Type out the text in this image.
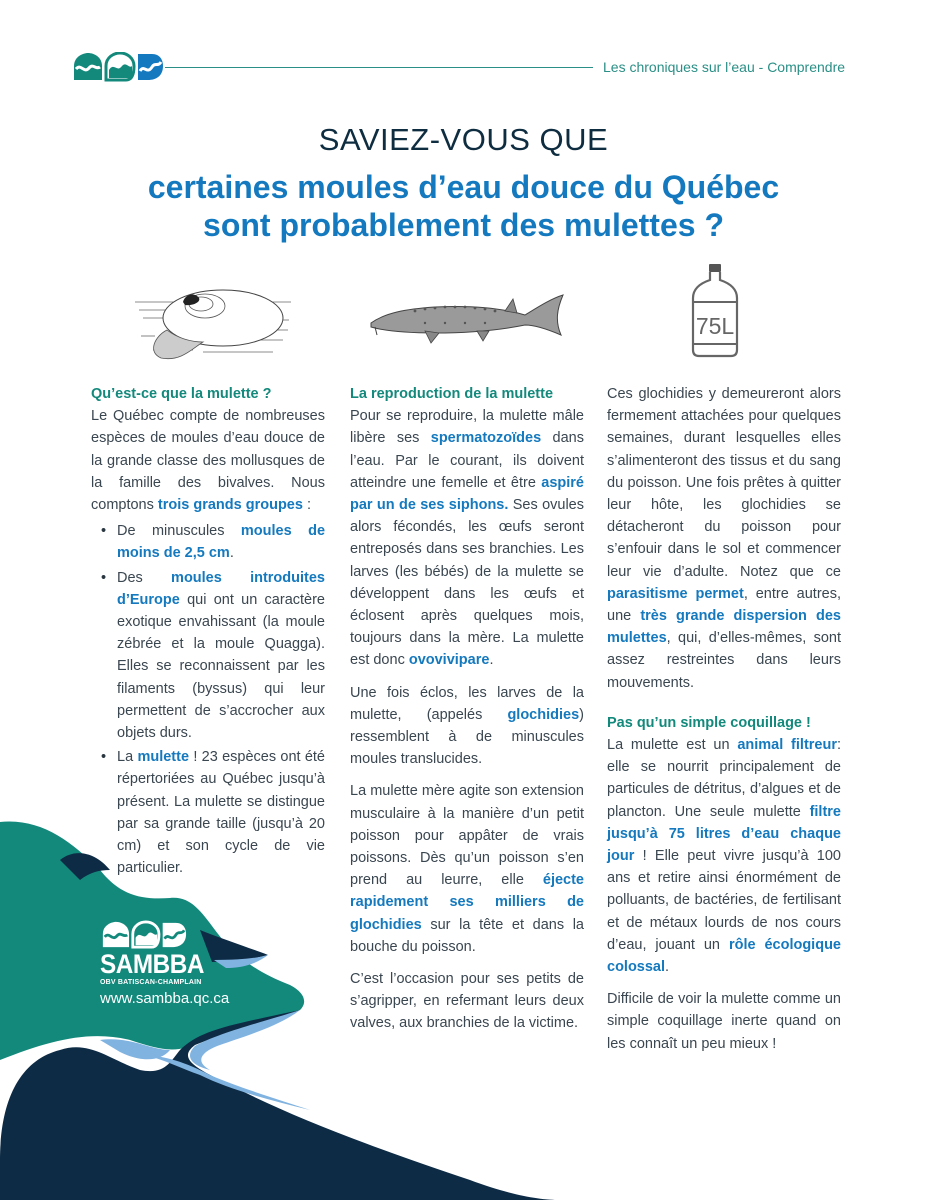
Les chroniques sur l’eau - Comprendre
SAVIEZ-VOUS QUE
certaines moules d’eau douce du Québec
sont probablement des mulettes ?
75L
Qu’est-ce que la mulette ?
Le Québec compte de nombreuses espèces de moules d’eau douce de la grande classe des mollusques de la famille des bivalves. Nous comptons trois grands groupes :
• De minuscules moules de moins de 2,5 cm.
• Des moules introduites d’Europe qui ont un caractère exotique envahissant (la moule zébrée et la moule Quagga). Elles se reconnaissent par les filaments (byssus) qui leur permettent de s’accrocher aux objets durs.
• La mulette ! 23 espèces ont été répertoriées au Québec jusqu’à présent. La mulette se distingue par sa grande taille (jusqu’à 20 cm) et son cycle de vie particulier.
La reproduction de la mulette

Pour se reproduire, la mulette mâle libère ses spermatozoïdes dans l’eau. Par le courant, ils doivent atteindre une femelle et être aspiré par un de ses siphons. Ses ovules alors fécondés, les œufs seront entreposés dans ses branchies. Les larves (les bébés) de la mulette se développent dans les œufs et éclosent après quelques mois, toujours dans la mère. La mulette est donc ovovivipare.

Une fois éclos, les larves de la mulette, (appelés glochidies) ressemblent à de minuscules moules translucides.

La mulette mère agite son extension musculaire à la manière d’un petit poisson pour appâter de vrais poissons. Dès qu’un poisson s’en prend au leurre, elle éjecte rapidement ses milliers de glochidies sur la tête et dans la bouche du poisson.

C’est l’occasion pour ses petits de s’agripper, en refermant leurs deux valves, aux branchies de la victime.

Ces glochidies y demeureront alors fermement attachées pour quelques semaines, durant lesquelles elles s’alimenteront des tissus et du sang du poisson. Une fois prêtes à quitter leur hôte, les glochidies se détacheront du poisson pour s’enfouir dans le sol et commencer leur vie d’adulte. Notez que ce parasitisme permet, entre autres, une très grande dispersion des mulettes, qui, d’elles-mêmes, sont assez restreintes dans leurs mouvements.

Pas qu’un simple coquillage !

La mulette est un animal filtreur: elle se nourrit principalement de particules de détritus, d’algues et de plancton. Une seule mulette filtre jusqu’à 75 litres d’eau chaque jour ! Elle peut vivre jusqu’à 100 ans et retire ainsi énormément de polluants, de bactéries, de fertilisant et de métaux lourds de nos cours d’eau, jouant un rôle écologique colossal.

Difficile de voir la mulette comme un simple coquillage inerte quand on les connaît un peu mieux !

SAMBBA
OBV BATISCAN-CHAMPLAIN
www.sambba.qc.ca
